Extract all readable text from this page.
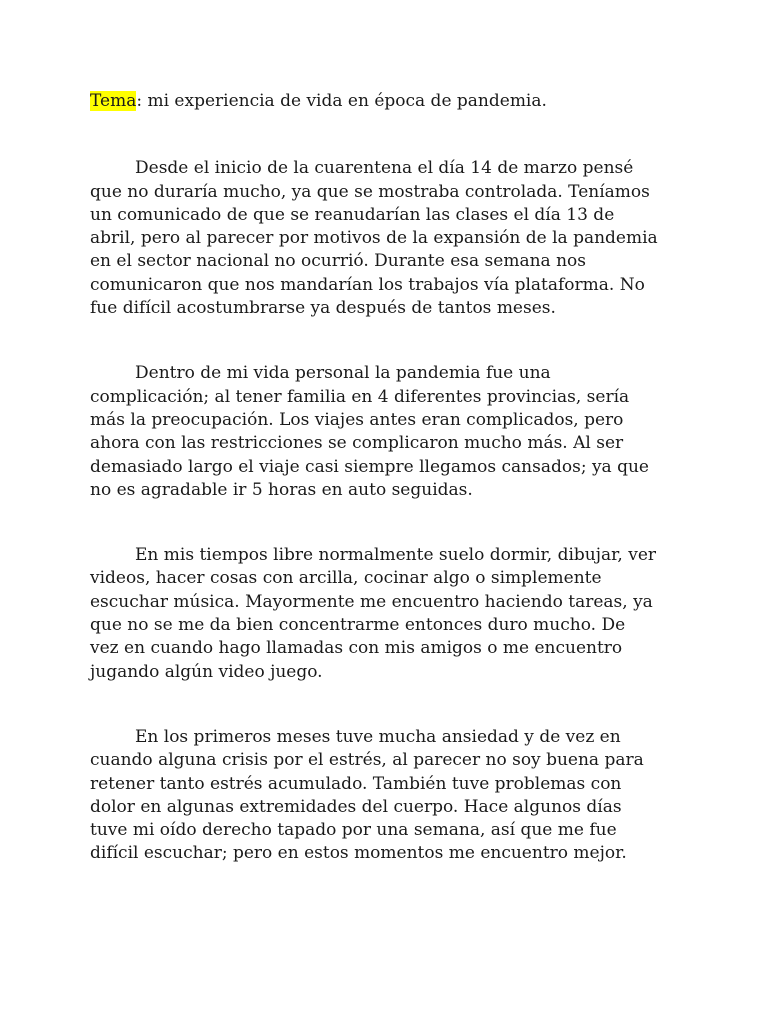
Tema: mi experiencia de vida en época de pandemia.

Desde el inicio de la cuarentena el día 14 de marzo pensé
que no duraría mucho, ya que se mostraba controlada. Teníamos
un comunicado de que se reanudarían las clases el día 13 de
abril, pero al parecer por motivos de la expansión de la pandemia
en el sector nacional no ocurrió. Durante esa semana nos
comunicaron que nos mandarían los trabajos vía plataforma. No
fue difícil acostumbrarse ya después de tantos meses.
Dentro de mi vida personal la pandemia fue una
complicación; al tener familia en 4 diferentes provincias, sería
más la preocupación. Los viajes antes eran complicados, pero
ahora con las restricciones se complicaron mucho más. Al ser
demasiado largo el viaje casi siempre llegamos cansados; ya que
no es agradable ir 5 horas en auto seguidas.
En mis tiempos libre normalmente suelo dormir, dibujar, ver
videos, hacer cosas con arcilla, cocinar algo o simplemente
escuchar música. Mayormente me encuentro haciendo tareas, ya
que no se me da bien concentrarme entonces duro mucho. De
vez en cuando hago llamadas con mis amigos o me encuentro
jugando algún video juego.
En los primeros meses tuve mucha ansiedad y de vez en
cuando alguna crisis por el estrés, al parecer no soy buena para
retener tanto estrés acumulado. También tuve problemas con
dolor en algunas extremidades del cuerpo. Hace algunos días
tuve mi oído derecho tapado por una semana, así que me fue
difícil escuchar; pero en estos momentos me encuentro mejor.
